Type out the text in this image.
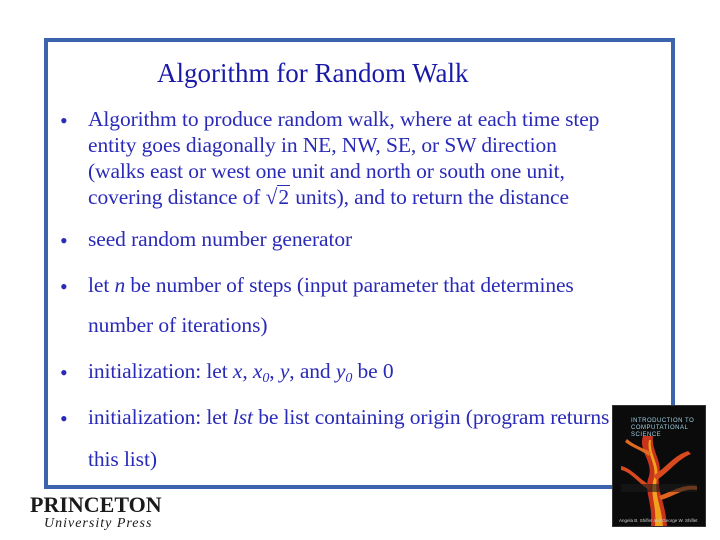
Algorithm for Random Walk
• Algorithm to produce random walk, where at each time step
entity goes diagonally in NE, NW, SE, or SW direction
(walks east or west one unit and north or south one unit,
covering distance of √2 units), and to return the distance
• seed random number generator
• let n be number of steps (input parameter that determines
number of iterations)
• initialization: let x, $x_0$, y, and $y_0$ be 0
• initialization: let lst be list containing origin (program returns
this list)
INTRODUCTION TO COMPUTATIONAL SCIENCE
Angela B. Shiflet and George W. Shiflet
PRINCETON
University Press
